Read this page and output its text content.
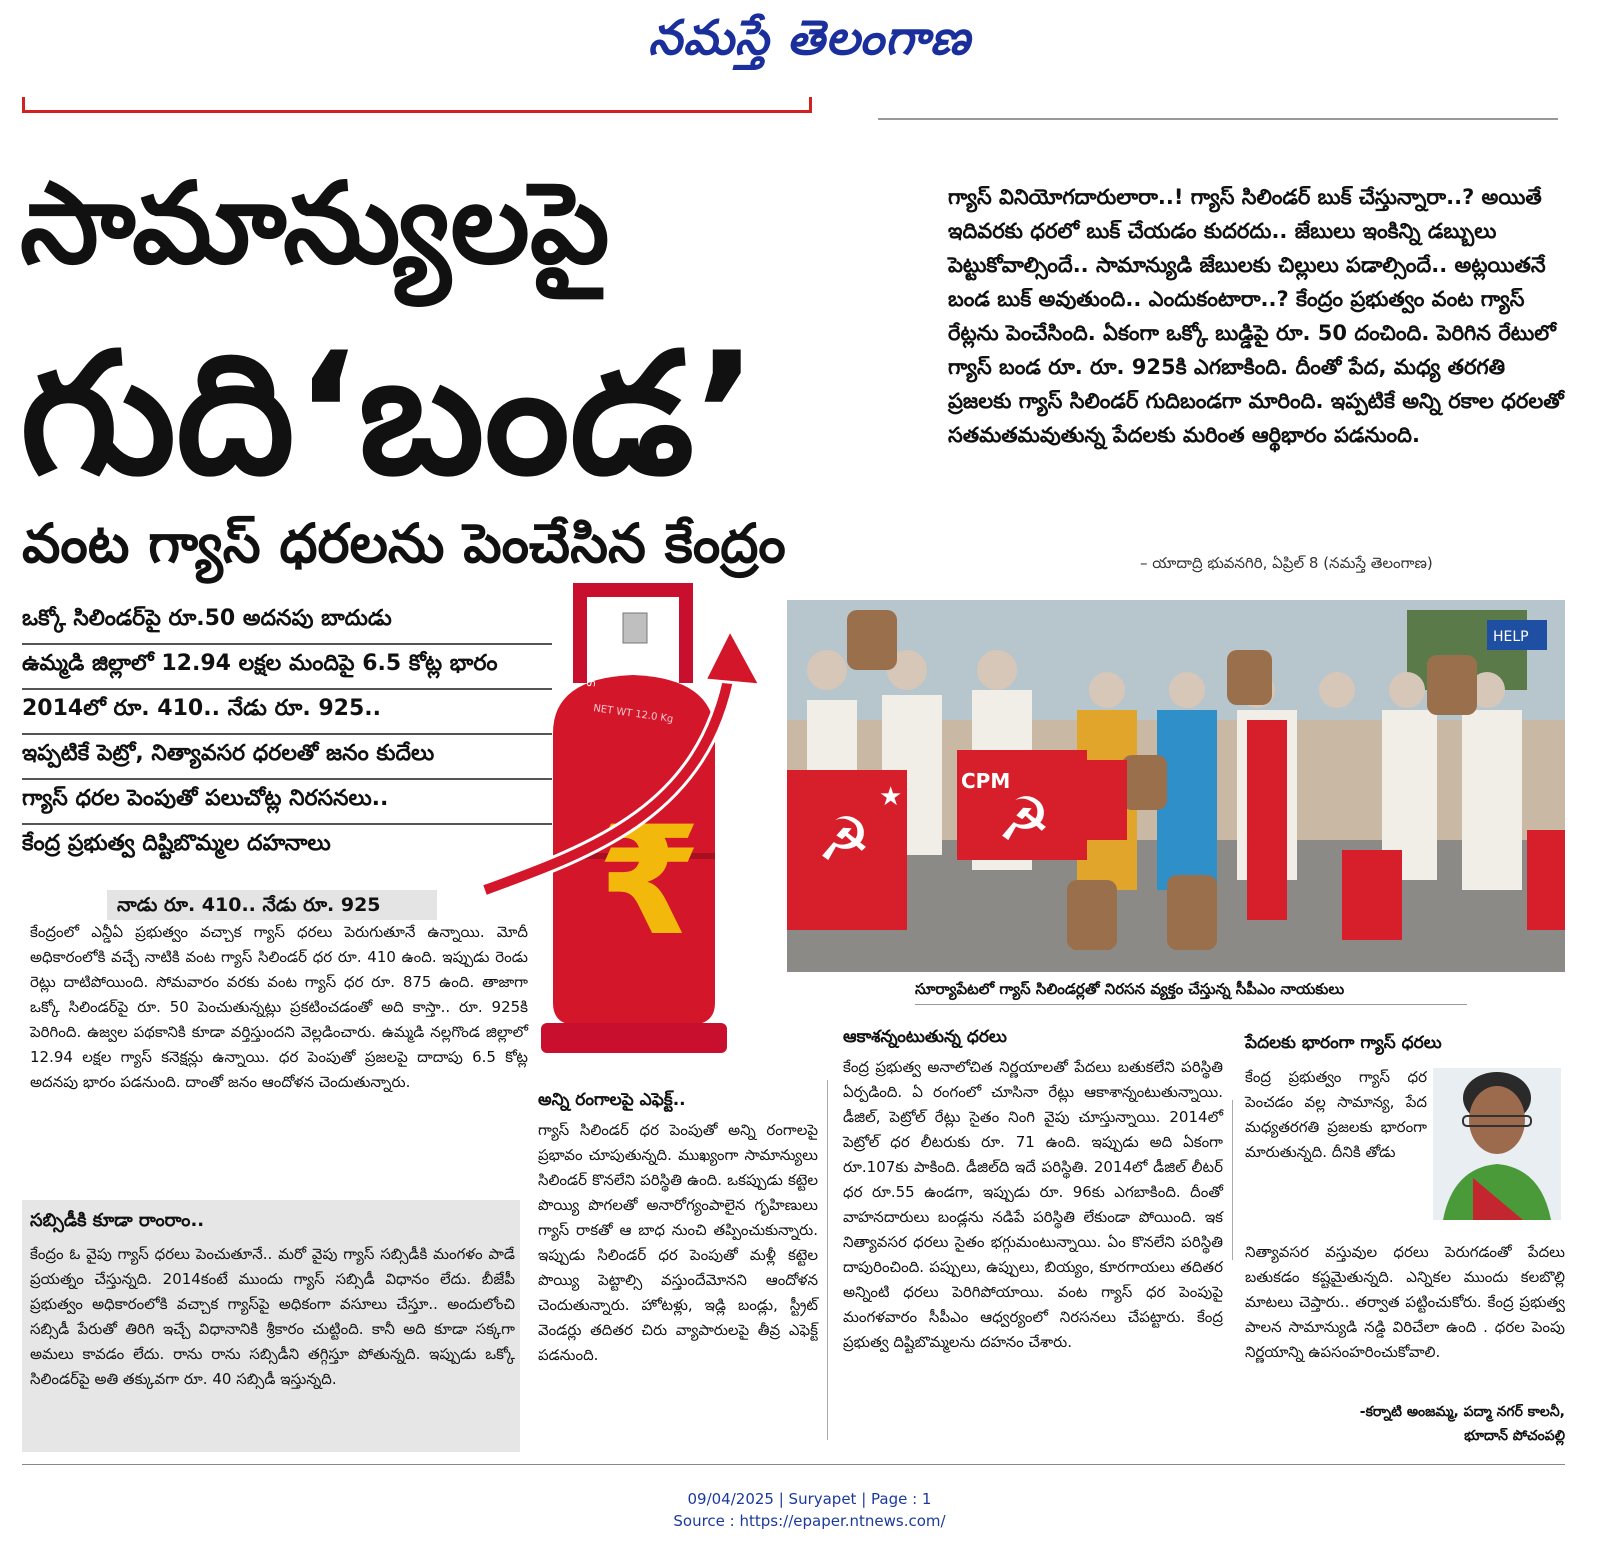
నమస్తే తెలంగాణ
సామాన్యులపై
గుది‘బండ’
వంట గ్యాస్ ధరలను పెంచేసిన కేంద్రం
గ్యాస్ వినియోగదారులారా..! గ్యాస్ సిలిండర్ బుక్ చేస్తున్నారా..? అయితే ఇదివరకు ధరలో బుక్ చేయడం కుదరదు.. జేబులు ఇంకిన్ని డబ్బులు పెట్టుకోవాల్సిందే.. సామాన్యుడి జేబులకు చిల్లులు పడాల్సిందే.. అట్లయితనే బండ బుక్ అవుతుంది.. ఎందుకంటారా..? కేంద్రం ప్రభుత్వం వంట గ్యాస్ రేట్లను పెంచేసింది. ఏకంగా ఒక్కో బుడ్డిపై రూ. 50 దంచింది. పెరిగిన రేటులో గ్యాస్ బండ రూ. రూ. 925కి ఎగబాకింది. దీంతో పేద, మధ్య తరగతి ప్రజలకు గ్యాస్ సిలిండర్ గుదిబండగా మారింది. ఇప్పటికే అన్ని రకాల ధరలతో సతమతమవుతున్న పేదలకు మరింత ఆర్థిభారం పడనుంది.
– యాదాద్రి భువనగిరి, ఏప్రిల్ 8 (నమస్తే తెలంగాణ)
ఒక్కో సిలిండర్‌పై రూ.50 అదనపు బాదుడు
ఉమ్మడి జిల్లాలో 12.94 లక్షల మందిపై 6.5 కోట్ల భారం
2014లో రూ. 410.. నేడు రూ. 925..
ఇప్పటికే పెట్రో, నిత్యావసర ధరలతో జనం కుదేలు
గ్యాస్ ధరల పెంపుతో పలుచోట్ల నిరసనలు..
కేంద్ర ప్రభుత్వ దిష్టిబొమ్మల దహనాలు
SHVE
NET WT 12.0 Kg
₹
HELP
CPM
☭ ☭
★
సూర్యాపేటలో గ్యాస్ సిలిండర్లతో నిరసన వ్యక్తం చేస్తున్న సీపీఎం నాయకులు
నాడు రూ. 410.. నేడు రూ. 925
కేంద్రంలో ఎన్డీఏ ప్రభుత్వం వచ్చాక గ్యాస్ ధరలు పెరుగుతూనే ఉన్నాయి. మోదీ అధికారంలోకి వచ్చే నాటికి వంట గ్యాస్ సిలిండర్ ధర రూ. 410 ఉంది. ఇప్పుడు రెండు రెట్లు దాటిపోయింది. సోమవారం వరకు వంట గ్యాస్ ధర రూ. 875 ఉంది. తాజాగా ఒక్కో సిలిండర్‌పై రూ. 50 పెంచుతున్నట్లు ప్రకటించడంతో అది కాస్తా.. రూ. 925కి పెరిగింది. ఉజ్వల పథకానికి కూడా వర్తిస్తుందని వెల్లడించారు. ఉమ్మడి నల్లగొండ జిల్లాలో 12.94 లక్షల గ్యాస్ కనెక్షన్లు ఉన్నాయి. ధర పెంపుతో ప్రజలపై దాదాపు 6.5 కోట్ల అదనపు భారం పడనుంది. దాంతో జనం ఆందోళన చెందుతున్నారు.
సబ్సిడీకి కూడా రాంరాం..
కేంద్రం ఓ వైపు గ్యాస్ ధరలు పెంచుతూనే.. మరో వైపు గ్యాస్ సబ్సిడీకి మంగళం పాడే ప్రయత్నం చేస్తున్నది. 2014కంటే ముందు గ్యాస్ సబ్సిడీ విధానం లేదు. బీజేపీ ప్రభుత్వం అధికారంలోకి వచ్చాక గ్యాస్‌పై అధికంగా వసూలు చేస్తూ.. అందులోంచి సబ్సిడీ పేరుతో తిరిగి ఇచ్చే విధానానికి శ్రీకారం చుట్టింది. కానీ అది కూడా సక్కగా అమలు కావడం లేదు. రాను రాను సబ్సిడీని తగ్గిస్తూ పోతున్నది. ఇప్పుడు ఒక్కో సిలిండర్‌పై అతి తక్కువగా రూ. 40 సబ్సిడీ ఇస్తున్నది.
అన్ని రంగాలపై ఎఫెక్ట్..
గ్యాస్ సిలిండర్ ధర పెంపుతో అన్ని రంగాలపై ప్రభావం చూపుతున్నది. ముఖ్యంగా సామాన్యులు సిలిండర్ కొనలేని పరిస్థితి ఉంది. ఒకప్పుడు కట్టెల పొయ్యి పొగలతో అనారోగ్యంపాలైన గృహిణులు గ్యాస్ రాకతో ఆ బాధ నుంచి తప్పించుకున్నారు. ఇప్పుడు సిలిండర్ ధర పెంపుతో మళ్లీ కట్టెల పొయ్యి పెట్టాల్సి వస్తుందేమోనని ఆందోళన చెందుతున్నారు. హోటళ్లు, ఇడ్లి బండ్లు, స్ట్రీట్ వెండర్లు తదితర చిరు వ్యాపారులపై తీవ్ర ఎఫెక్ట్ పడనుంది.
ఆకాశన్నంటుతున్న ధరలు
కేంద్ర ప్రభుత్వ అనాలోచిత నిర్ణయాలతో పేదలు బతుకలేని పరిస్థితి ఏర్పడింది. ఏ రంగంలో చూసినా రేట్లు ఆకాశాన్నంటుతున్నాయి. డీజిల్, పెట్రోల్ రేట్లు సైతం నింగి వైపు చూస్తున్నాయి. 2014లో పెట్రోల్ ధర లీటరుకు రూ. 71 ఉంది. ఇప్పుడు అది ఏకంగా రూ.107కు పాకింది. డీజిల్‌ది ఇదే పరిస్థితి. 2014లో డీజిల్ లీటర్ ధర రూ.55 ఉండగా, ఇప్పుడు రూ. 96కు ఎగబాకింది. దీంతో వాహనదారులు బండ్లను నడిపే పరిస్థితి లేకుండా పోయింది. ఇక నిత్యావసర ధరలు సైతం భగ్గుమంటున్నాయి. ఏం కొనలేని పరిస్థితి దాపురించింది. పప్పులు, ఉప్పులు, బియ్యం, కూరగాయలు తదితర అన్నింటి ధరలు పెరిగిపోయాయి. వంట గ్యాస్ ధర పెంపుపై మంగళవారం సీపీఎం ఆధ్వర్యంలో నిరసనలు చేపట్టారు. కేంద్ర ప్రభుత్వ దిష్టిబొమ్మలను దహనం చేశారు.
పేదలకు భారంగా గ్యాస్ ధరలు
కేంద్ర ప్రభుత్వం గ్యాస్ ధర పెంచడం వల్ల సామాన్య, పేద మధ్యతరగతి ప్రజలకు భారంగా మారుతున్నది. దీనికి తోడు
నిత్యావసర వస్తువుల ధరలు పెరుగడంతో పేదలు బతుకడం కష్టమైతున్నది. ఎన్నికల ముందు కలబొల్లి మాటలు చెప్తారు.. తర్వాత పట్టించుకోరు. కేంద్ర ప్రభుత్వ పాలన సామాన్యుడి నడ్డి విరిచేలా ఉంది . ధరల పెంపు నిర్ణయాన్ని ఉపసంహరించుకోవాలి.
-కర్నాటి అంజమ్మ, పద్మా నగర్ కాలనీ,
భూదాన్ పోచంపల్లి
09/04/2025 | Suryapet | Page : 1
Source : https://epaper.ntnews.com/
